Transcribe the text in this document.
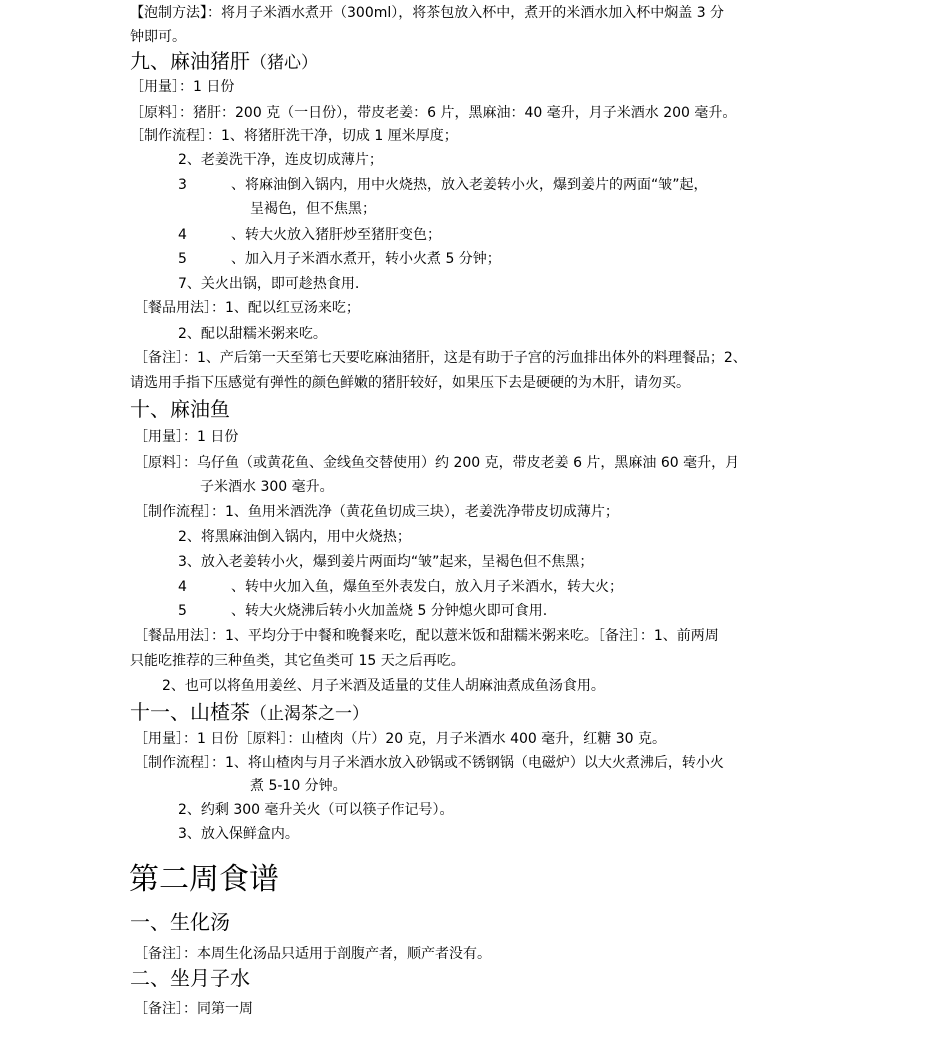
【泡制方法】：将月子米酒水煮开（300ml），将茶包放入杯中，煮开的米酒水加入杯中焖盖 3 分
钟即可。
九、麻油猪肝（猪心）
［用量］：1 日份
［原料］：猪肝：200 克（一日份），带皮老姜：6 片，黑麻油：40 毫升，月子米酒水 200 毫升。
［制作流程］：1、将猪肝洗干净，切成 1 厘米厚度；
2、老姜洗干净，连皮切成薄片；
3	、将麻油倒入锅内，用中火烧热，放入老姜转小火，爆到姜片的两面“皱”起，
呈褐色，但不焦黑；
4	、转大火放入猪肝炒至猪肝变色；
5	、加入月子米酒水煮开，转小火煮 5 分钟；
7、关火出锅，即可趁热食用.
［餐品用法］：1、配以红豆汤来吃；
2、配以甜糯米粥来吃。
［备注］：1、产后第一天至第七天要吃麻油猪肝，这是有助于子宫的污血排出体外的料理餐品；2、
请选用手指下压感觉有弹性的颜色鲜嫩的猪肝较好，如果压下去是硬硬的为木肝，请勿买。
十、麻油鱼
［用量］：1 日份
［原料］：乌仔鱼（或黄花鱼、金线鱼交替使用）约 200 克，带皮老姜 6 片，黑麻油 60 毫升，月
子米酒水 300 毫升。
［制作流程］：1、鱼用米酒洗净（黄花鱼切成三块），老姜洗净带皮切成薄片；
2、将黑麻油倒入锅内，用中火烧热；
3、放入老姜转小火，爆到姜片两面均“皱”起来，呈褐色但不焦黑；
4	、转中火加入鱼，爆鱼至外表发白，放入月子米酒水，转大火；
5	、转大火烧沸后转小火加盖烧 5 分钟熄火即可食用.
［餐品用法］：1、平均分于中餐和晚餐来吃，配以薏米饭和甜糯米粥来吃。［备注］：1、前两周
只能吃推荐的三种鱼类，其它鱼类可 15 天之后再吃。
2、也可以将鱼用姜丝、月子米酒及适量的艾佳人胡麻油煮成鱼汤食用。
十一、山楂茶（止渴茶之一）
［用量］：1 日份［原料］：山楂肉（片）20 克，月子米酒水 400 毫升，红糖 30 克。
［制作流程］：1、将山楂肉与月子米酒水放入砂锅或不锈钢锅（电磁炉）以大火煮沸后，转小火
煮 5-10 分钟。
2、约剩 300 毫升关火（可以筷子作记号）。
3、放入保鲜盒内。
第二周食谱
一、生化汤
［备注］：本周生化汤品只适用于剖腹产者，顺产者没有。
二、坐月子水
［备注］：同第一周
